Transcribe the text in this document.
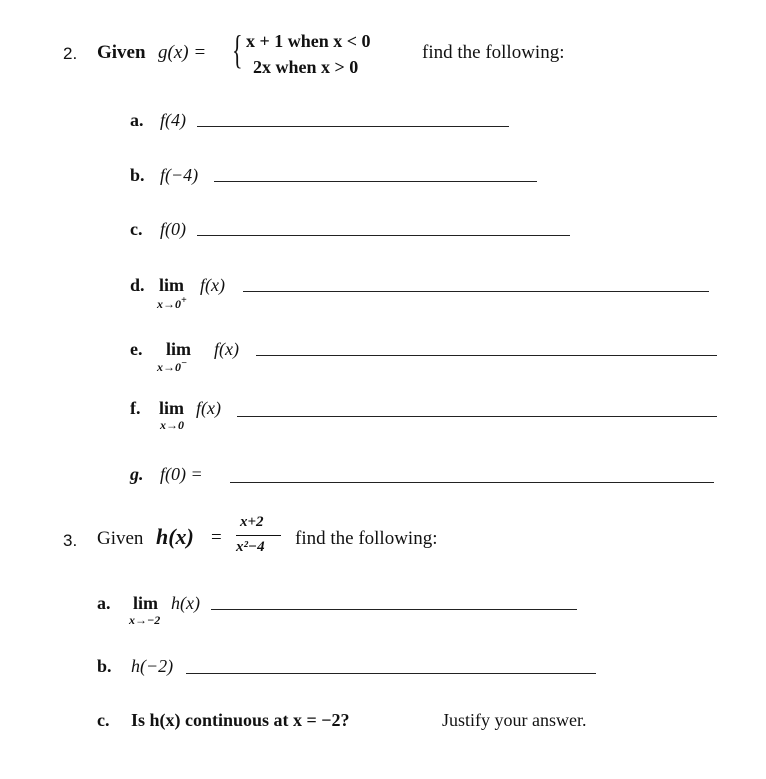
2. Given g(x) = { x + 1 when x < 0
2x when x > 0
find the following:
a. f(4)
b. f(−4)
c. f(0)
d. lim f(x)
x→0+
e. lim f(x)
x→0−
f. lim f(x)
x→0
g. f(0) =
3. Given h(x) =
x+2
x²−4 find the following:
a. lim h(x)
x→−2
b. h(−2)
c. Is h(x) continuous at x = −2?	Justify your answer.
